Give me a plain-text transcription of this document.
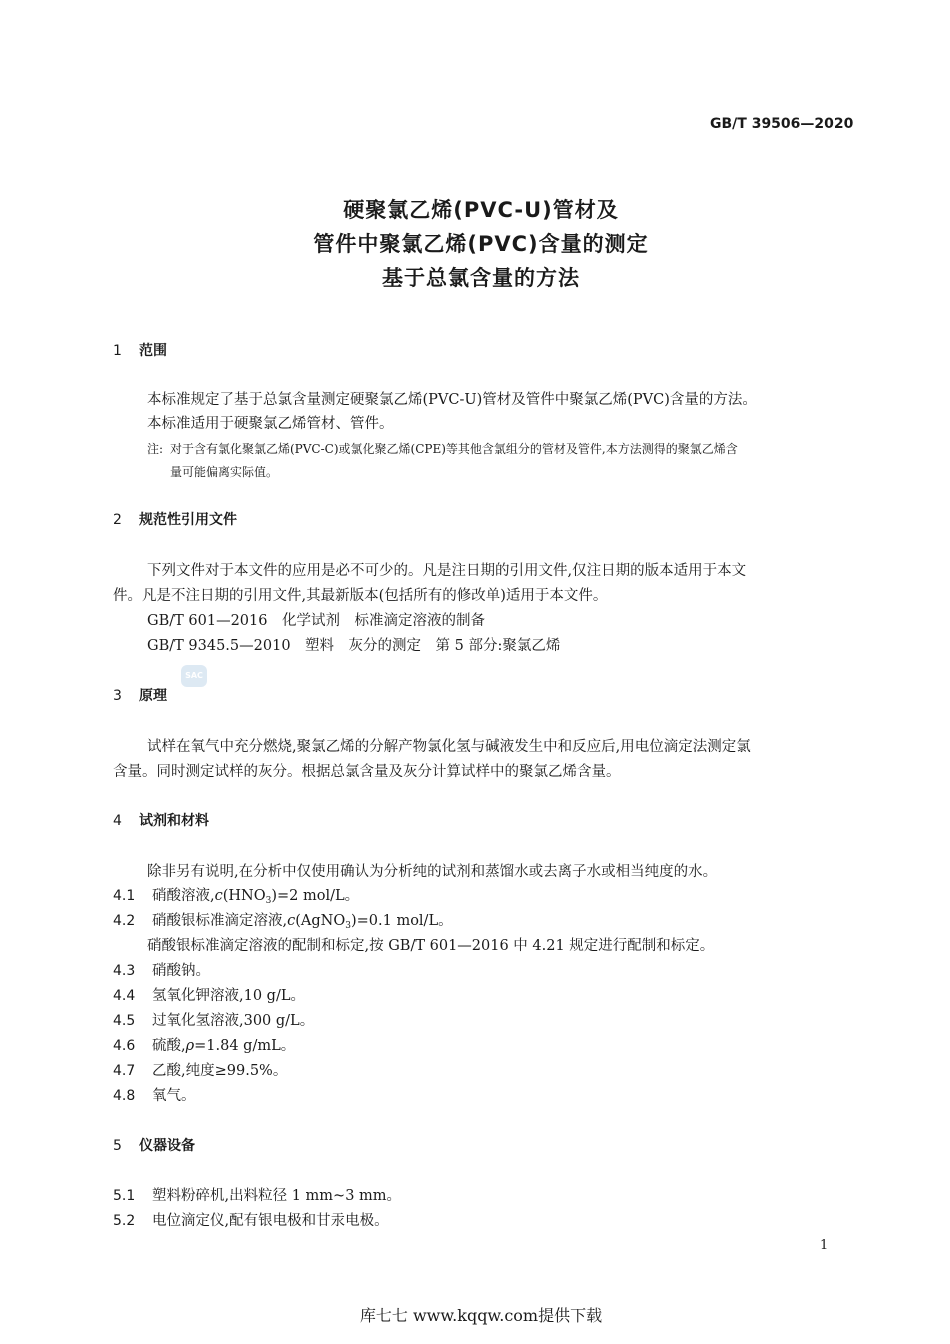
GB/T 39506—2020
硬聚氯乙烯(PVC-U)管材及
管件中聚氯乙烯(PVC)含量的测定
基于总氯含量的方法
1 范围
本标准规定了基于总氯含量测定硬聚氯乙烯(PVC-U)管材及管件中聚氯乙烯(PVC)含量的方法。
本标准适用于硬聚氯乙烯管材、管件。
注: 对于含有氯化聚氯乙烯(PVC-C)或氯化聚乙烯(CPE)等其他含氯组分的管材及管件,本方法测得的聚氯乙烯含
量可能偏离实际值。
2 规范性引用文件
下列文件对于本文件的应用是必不可少的。凡是注日期的引用文件,仅注日期的版本适用于本文
件。凡是不注日期的引用文件,其最新版本(包括所有的修改单)适用于本文件。
GB/T 601—2016　化学试剂　标准滴定溶液的制备
GB/T 9345.5—2010　塑料　灰分的测定　第 5 部分:聚氯乙烯
SAC
3 原理
试样在氧气中充分燃烧,聚氯乙烯的分解产物氯化氢与碱液发生中和反应后,用电位滴定法测定氯
含量。同时测定试样的灰分。根据总氯含量及灰分计算试样中的聚氯乙烯含量。
4 试剂和材料
除非另有说明,在分析中仅使用确认为分析纯的试剂和蒸馏水或去离子水或相当纯度的水。
4.1 硝酸溶液$,c(HNO_3)=2$ mol/L。
4.2 硝酸银标准滴定溶液,c(AgNO$_3$)=0.1 mol/L。
硝酸银标准滴定溶液的配制和标定,按 GB/T 601—2016 中 4.21 规定进行配制和标定。
4.3 硝酸钠。
4.4 氢氧化钾溶液,10 g/L。
4.5 过氧化氢溶液,300 g/L。
4.6 硫酸,ρ=1.84 g/mL。
4.7 乙酸,纯度≥99.5%。
4.8 氧气。
5 仪器设备
5.1 塑料粉碎机,出料粒径 1 mm~3 mm。
5.2 电位滴定仪,配有银电极和甘汞电极。
1
库七七 www.kqqw.com提供下载
